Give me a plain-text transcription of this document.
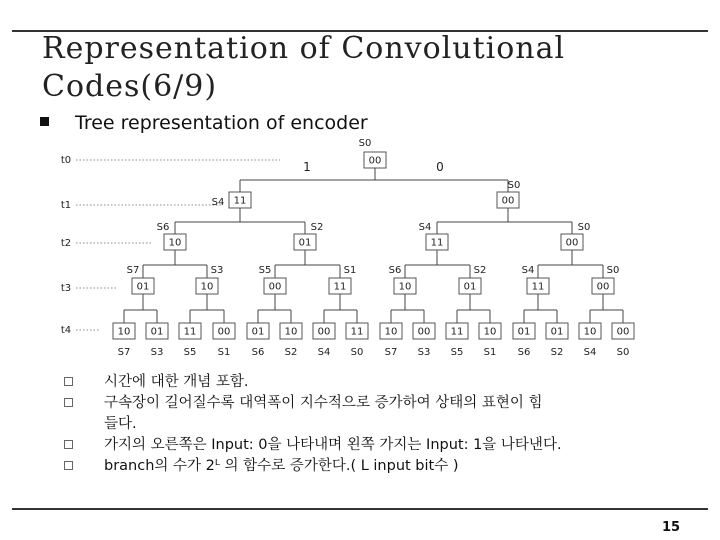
Representation of Convolutional
Codes(6/9)
Tree representation of encoder
t0
t1
t2
t3
t4
S0
00
1	0
S4 11
S0
00
S6
10
S2
01
S4
11
S0
00
S7
01
S3
10
S5
00
S1
11
S6
10
S2
01
S4
11
S0
00
10
S7
01
S3
11
S5
00
S1
01
S6
10
S2
00
S4
11
S0
10
S7
00
S3
11
S5
10
S1
01
S6
01
S2
10
S4
00
S0
시간에 대한 개념 포함.
구속장이 길어질수록 대역폭이 지수적으로 증가하여 상태의 표현이 힘
들다.
가지의 오른쪽은 Input: 0을 나타내며 왼쪽 가지는 Input: 1을 나타낸다.
branch의 수가 2ᴸ 의 함수로 증가한다.( L input bit수 )
15
